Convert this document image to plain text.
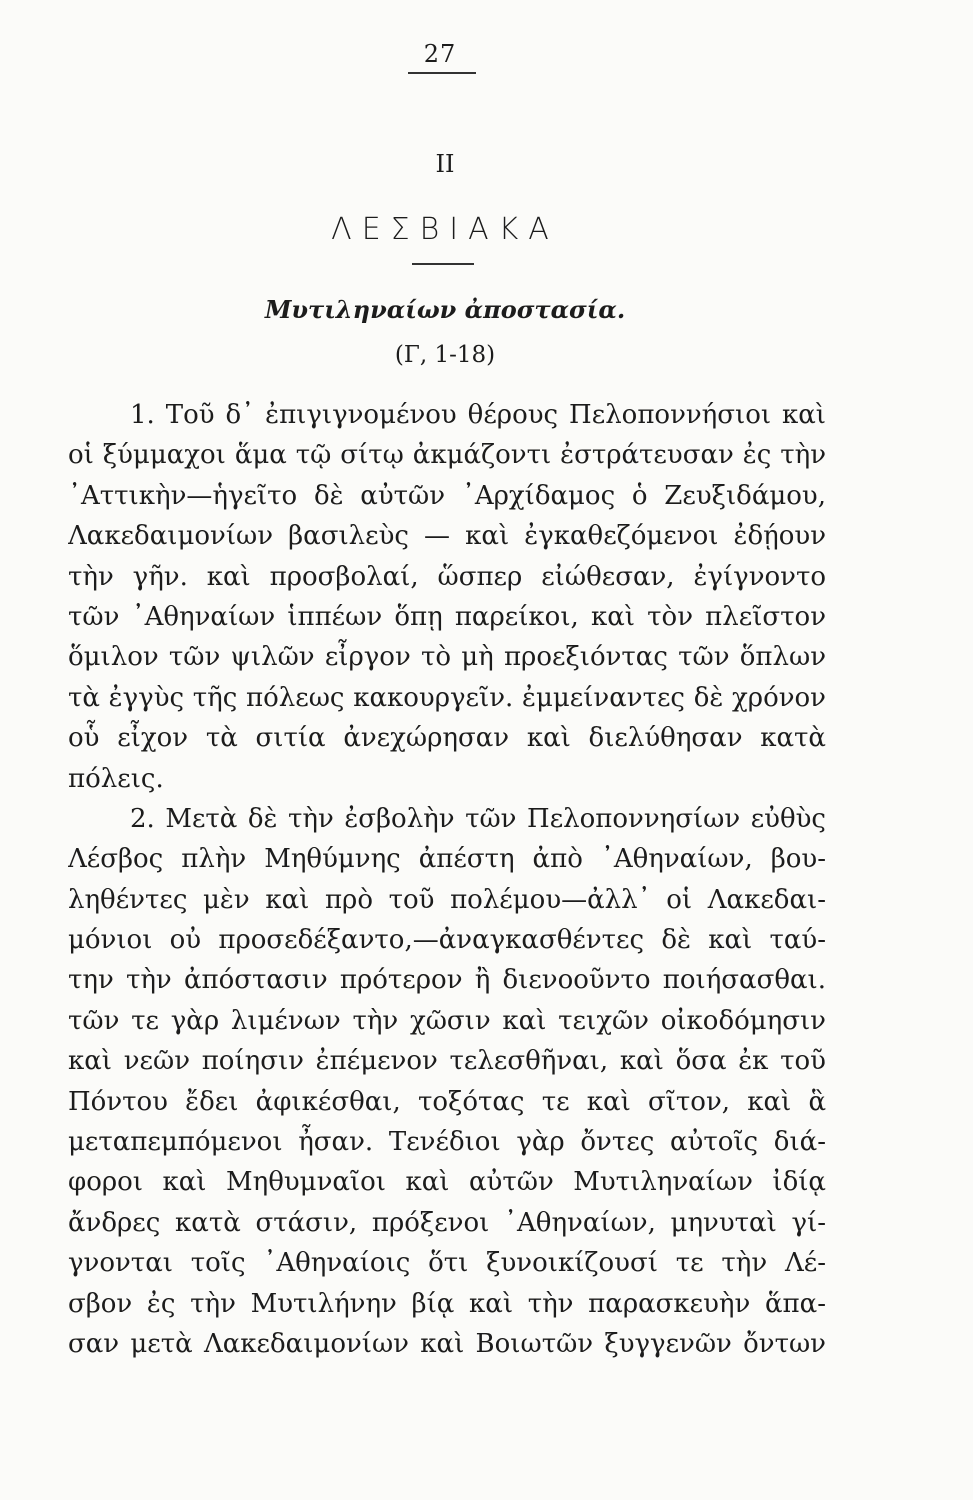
27
II
ΛΕΣΒΙΑΚΑ
Μυτιληναίων ἀποστασία.
(Γ, 1-18)
1. Τοῦ δ᾽ ἐπιγιγνομένου θέρους Πελοποννήσιοι καὶ
οἱ ξύμμαχοι ἅμα τῷ σίτῳ ἀκμάζοντι ἐστράτευσαν ἐς τὴν
᾽Αττικὴν—ἡγεῖτο δὲ αὐτῶν ᾽Αρχίδαμος ὁ Ζευξιδάμου,
Λακεδαιμονίων βασιλεὺς — καὶ ἐγκαθεζόμενοι ἐδῄουν
τὴν γῆν. καὶ προσβολαί, ὥσπερ εἰώθεσαν, ἐγίγνοντο
τῶν ᾽Αθηναίων ἱππέων ὅπῃ παρείκοι, καὶ τὸν πλεῖστον
ὅμιλον τῶν ψιλῶν εἶργον τὸ μὴ προεξιόντας τῶν ὅπλων
τὰ ἐγγὺς τῆς πόλεως κακουργεῖν. ἐμμείναντες δὲ χρόνον
οὗ εἶχον τὰ σιτία ἀνεχώρησαν καὶ διελύθησαν κατὰ
πόλεις.
2. Μετὰ δὲ τὴν ἐσβολὴν τῶν Πελοποννησίων εὐθὺς
Λέσβος πλὴν Μηθύμνης ἀπέστη ἀπὸ ᾽Αθηναίων, βου-
ληθέντες μὲν καὶ πρὸ τοῦ πολέμου—ἀλλ᾽ οἱ Λακεδαι-
μόνιοι οὐ προσεδέξαντο,—ἀναγκασθέντες δὲ καὶ ταύ-
την τὴν ἀπόστασιν πρότερον ἢ διενοοῦντο ποιήσασθαι.
τῶν τε γὰρ λιμένων τὴν χῶσιν καὶ τειχῶν οἰκοδόμησιν
καὶ νεῶν ποίησιν ἐπέμενον τελεσθῆναι, καὶ ὅσα ἐκ τοῦ
Πόντου ἔδει ἀφικέσθαι, τοξότας τε καὶ σῖτον, καὶ ἃ
μεταπεμπόμενοι ἦσαν. Τενέδιοι γὰρ ὄντες αὐτοῖς διά-
φοροι καὶ Μηθυμναῖοι καὶ αὐτῶν Μυτιληναίων ἰδίᾳ
ἄνδρες κατὰ στάσιν, πρόξενοι ᾽Αθηναίων, μηνυταὶ γί-
γνονται τοῖς ᾽Αθηναίοις ὅτι ξυνοικίζουσί τε τὴν Λέ-
σβον ἐς τὴν Μυτιλήνην βίᾳ καὶ τὴν παρασκευὴν ἅπα-
σαν μετὰ Λακεδαιμονίων καὶ Βοιωτῶν ξυγγενῶν ὄντων
